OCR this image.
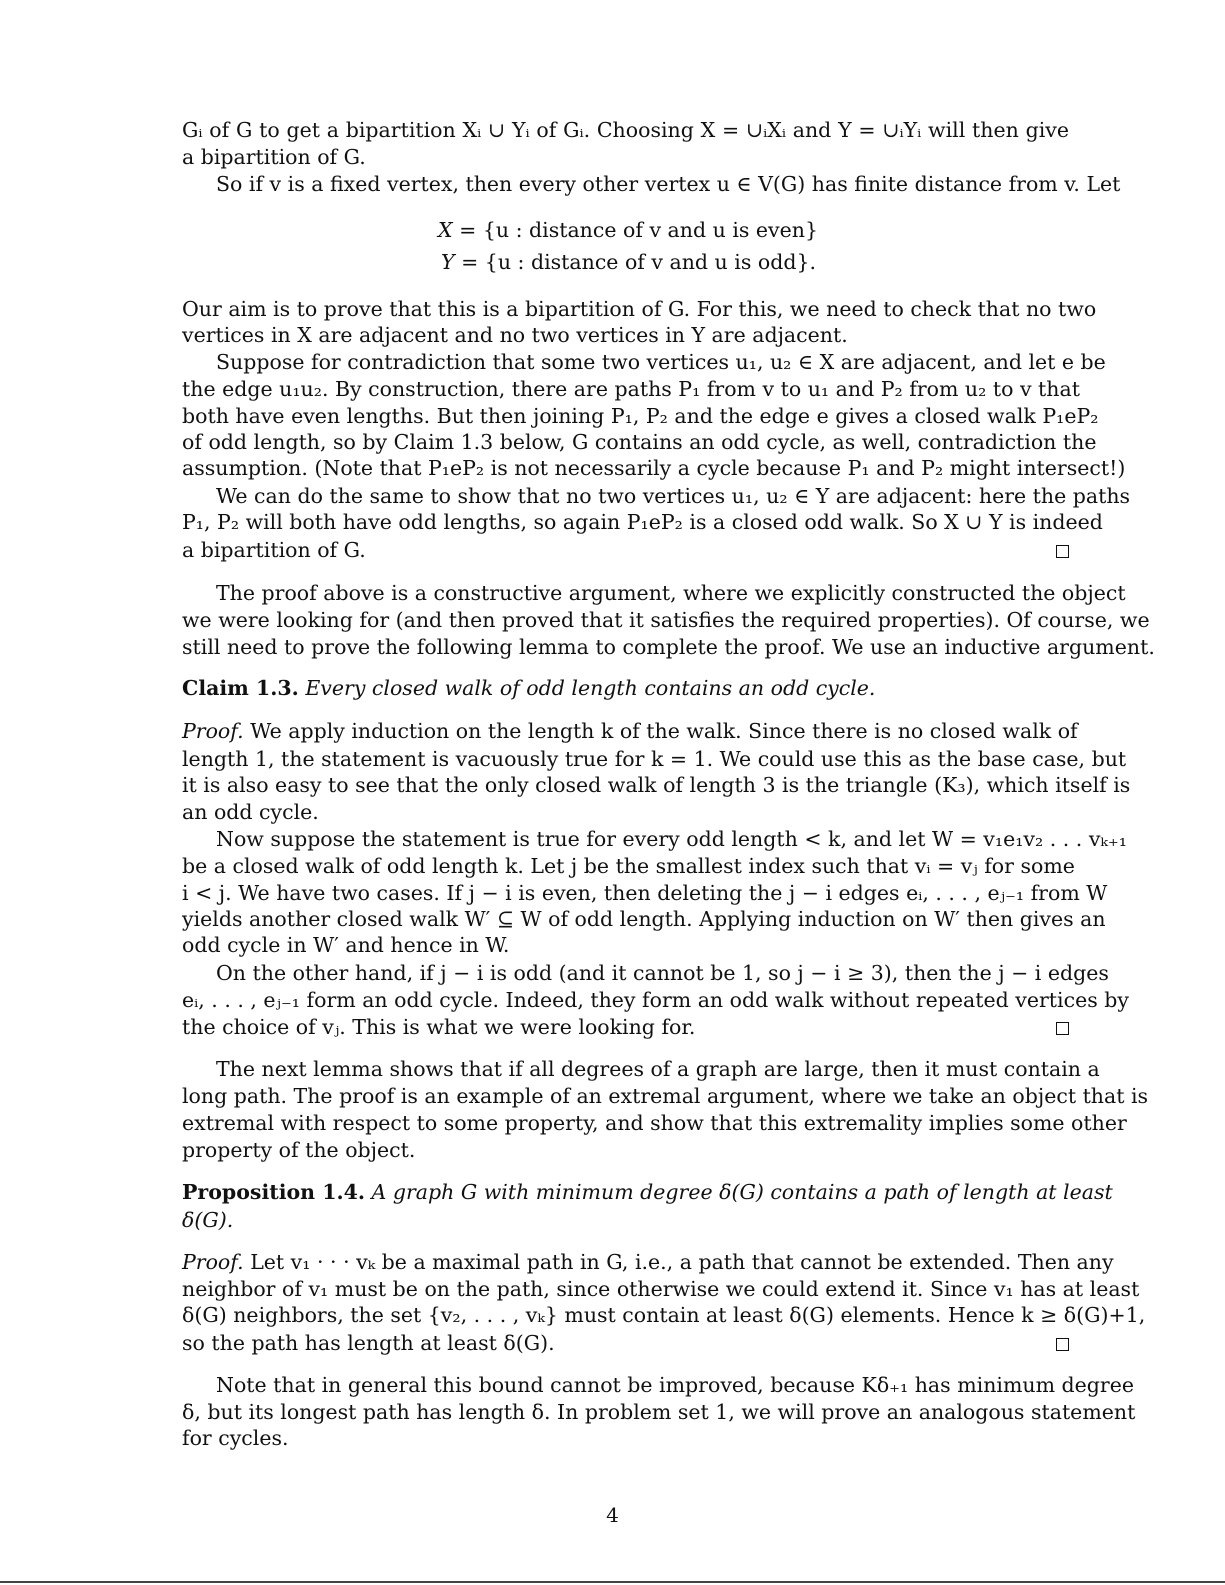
Gᵢ of G to get a bipartition Xᵢ ∪ Yᵢ of Gᵢ. Choosing X = ∪ᵢXᵢ and Y = ∪ᵢYᵢ will then give
a bipartition of G.
So if v is a fixed vertex, then every other vertex u ∈ V(G) has finite distance from v. Let
X = {u : distance of v and u is even}
Y = {u : distance of v and u is odd}.
Our aim is to prove that this is a bipartition of G. For this, we need to check that no two
vertices in X are adjacent and no two vertices in Y are adjacent.
Suppose for contradiction that some two vertices u₁, u₂ ∈ X are adjacent, and let e be
the edge u₁u₂. By construction, there are paths P₁ from v to u₁ and P₂ from u₂ to v that
both have even lengths. But then joining P₁, P₂ and the edge e gives a closed walk P₁eP₂
of odd length, so by Claim 1.3 below, G contains an odd cycle, as well, contradiction the
assumption. (Note that P₁eP₂ is not necessarily a cycle because P₁ and P₂ might intersect!)
We can do the same to show that no two vertices u₁, u₂ ∈ Y are adjacent: here the paths
P₁, P₂ will both have odd lengths, so again P₁eP₂ is a closed odd walk. So X ∪ Y is indeed
a bipartition of G.
The proof above is a constructive argument, where we explicitly constructed the object
we were looking for (and then proved that it satisfies the required properties). Of course, we
still need to prove the following lemma to complete the proof. We use an inductive argument.
Claim 1.3. Every closed walk of odd length contains an odd cycle.
Proof. We apply induction on the length k of the walk. Since there is no closed walk of
length 1, the statement is vacuously true for k = 1. We could use this as the base case, but
it is also easy to see that the only closed walk of length 3 is the triangle (K₃), which itself is
an odd cycle.
Now suppose the statement is true for every odd length < k, and let W = v₁e₁v₂ . . . vₖ₊₁
be a closed walk of odd length k. Let j be the smallest index such that vᵢ = vⱼ for some
i < j. We have two cases. If j − i is even, then deleting the j − i edges eᵢ, . . . , eⱼ₋₁ from W
yields another closed walk W′ ⊆ W of odd length. Applying induction on W′ then gives an
odd cycle in W′ and hence in W.
On the other hand, if j − i is odd (and it cannot be 1, so j − i ≥ 3), then the j − i edges
eᵢ, . . . , eⱼ₋₁ form an odd cycle. Indeed, they form an odd walk without repeated vertices by
the choice of vⱼ. This is what we were looking for.
The next lemma shows that if all degrees of a graph are large, then it must contain a
long path. The proof is an example of an extremal argument, where we take an object that is
extremal with respect to some property, and show that this extremality implies some other
property of the object.
Proposition 1.4. A graph G with minimum degree δ(G) contains a path of length at least
δ(G).
Proof. Let v₁ · · · vₖ be a maximal path in G, i.e., a path that cannot be extended. Then any
neighbor of v₁ must be on the path, since otherwise we could extend it. Since v₁ has at least
δ(G) neighbors, the set {v₂, . . . , vₖ} must contain at least δ(G) elements. Hence k ≥ δ(G)+1,
so the path has length at least δ(G).
Note that in general this bound cannot be improved, because Kδ₊₁ has minimum degree
δ, but its longest path has length δ. In problem set 1, we will prove an analogous statement
for cycles.
4
